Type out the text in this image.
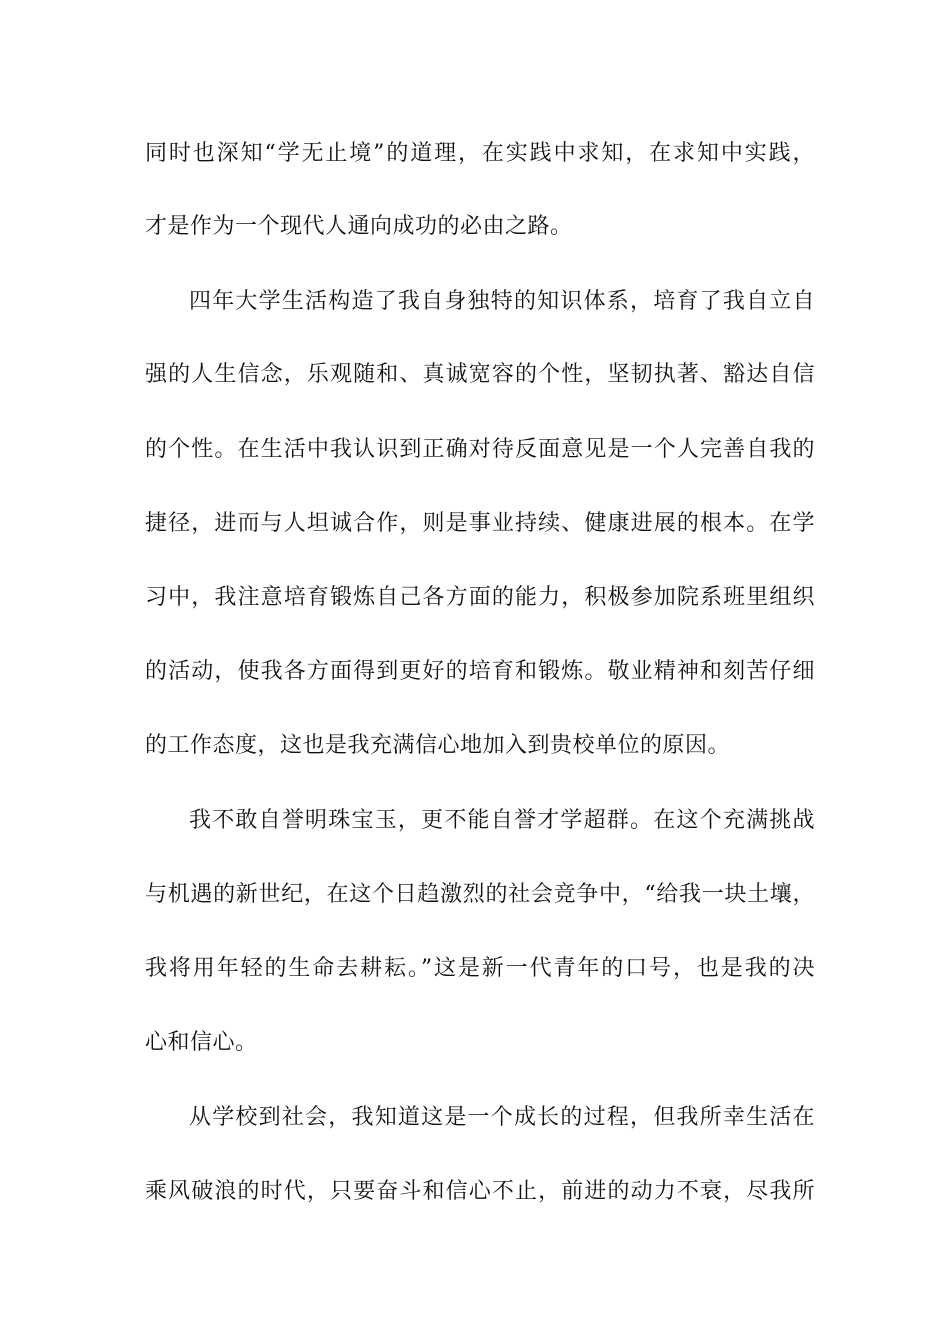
同时也深知“学无止境”的道理，在实践中求知，在求知中实践，
才是作为一个现代人通向成功的必由之路。
四年大学生活构造了我自身独特的知识体系，培育了我自立自
强的人生信念，乐观随和、真诚宽容的个性，坚韧执著、豁达自信
的个性。在生活中我认识到正确对待反面意见是一个人完善自我的
捷径，进而与人坦诚合作，则是事业持续、健康进展的根本。在学
习中，我注意培育锻炼自己各方面的能力，积极参加院系班里组织
的活动，使我各方面得到更好的培育和锻炼。敬业精神和刻苦仔细
的工作态度，这也是我充满信心地加入到贵校单位的原因。
我不敢自誉明珠宝玉，更不能自誉才学超群。在这个充满挑战
与机遇的新世纪，在这个日趋激烈的社会竞争中，“给我一块土壤，
我将用年轻的生命去耕耘。”这是新一代青年的口号，也是我的决
心和信心。
从学校到社会，我知道这是一个成长的过程，但我所幸生活在
乘风破浪的时代，只要奋斗和信心不止，前进的动力不衰，尽我所
